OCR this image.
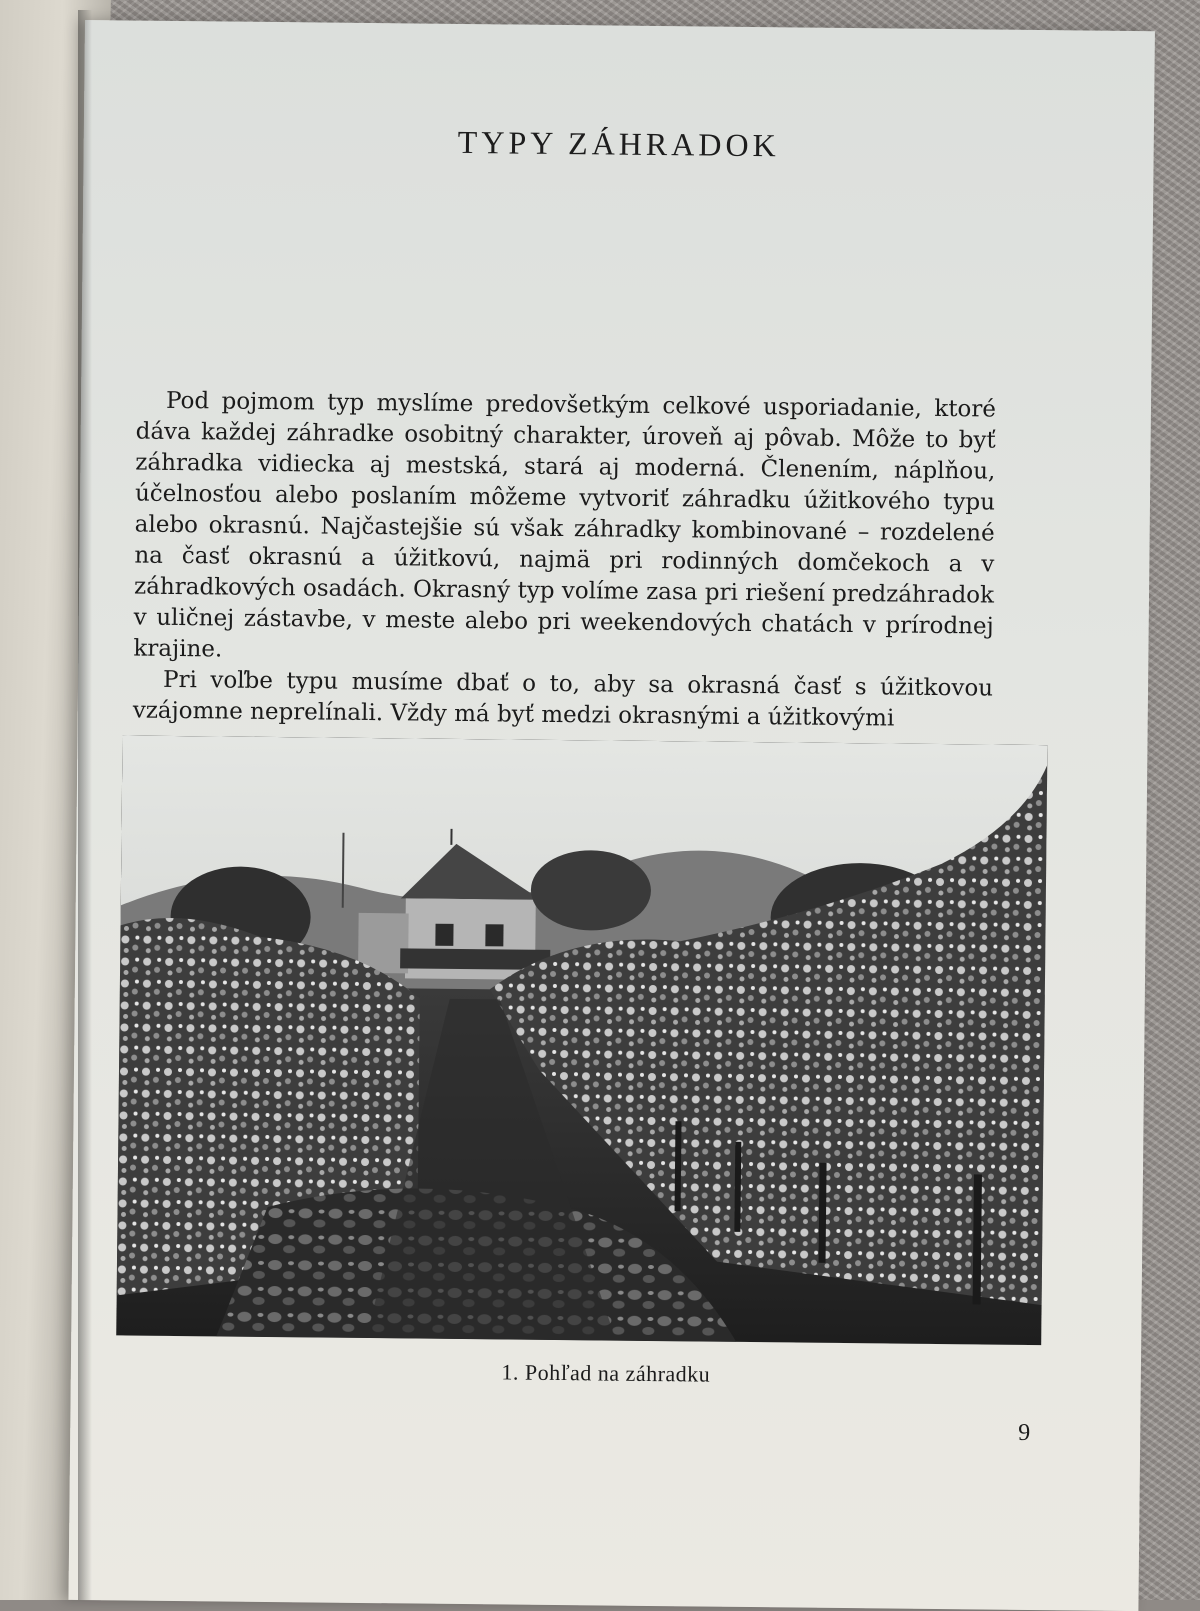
TYPY ZÁHRADOK

Pod pojmom typ myslíme predovšetkým celkové usporiadanie, ktoré dáva každej záhradke osobitný charakter, úroveň aj pôvab. Môže to byť záhradka vidiecka aj mestská, stará aj moderná. Členením, náplňou, účelnosťou alebo poslaním môžeme vytvoriť záhradku úžitkového typu alebo okrasnú. Najčastejšie sú však záhradky kombinované – rozdelené na časť okrasnú a úžitkovú, najmä pri rodinných domčekoch a v záhradkových osadách. Okrasný typ volíme zasa pri riešení predzáhradok v uličnej zástavbe, v meste alebo pri weekendových chatách v prírodnej krajine.

Pri voľbe typu musíme dbať o to, aby sa okrasná časť s úžitkovou vzájomne neprelínali. Vždy má byť medzi okrasnými a úžitkovými

1. Pohľad na záhradku
9
